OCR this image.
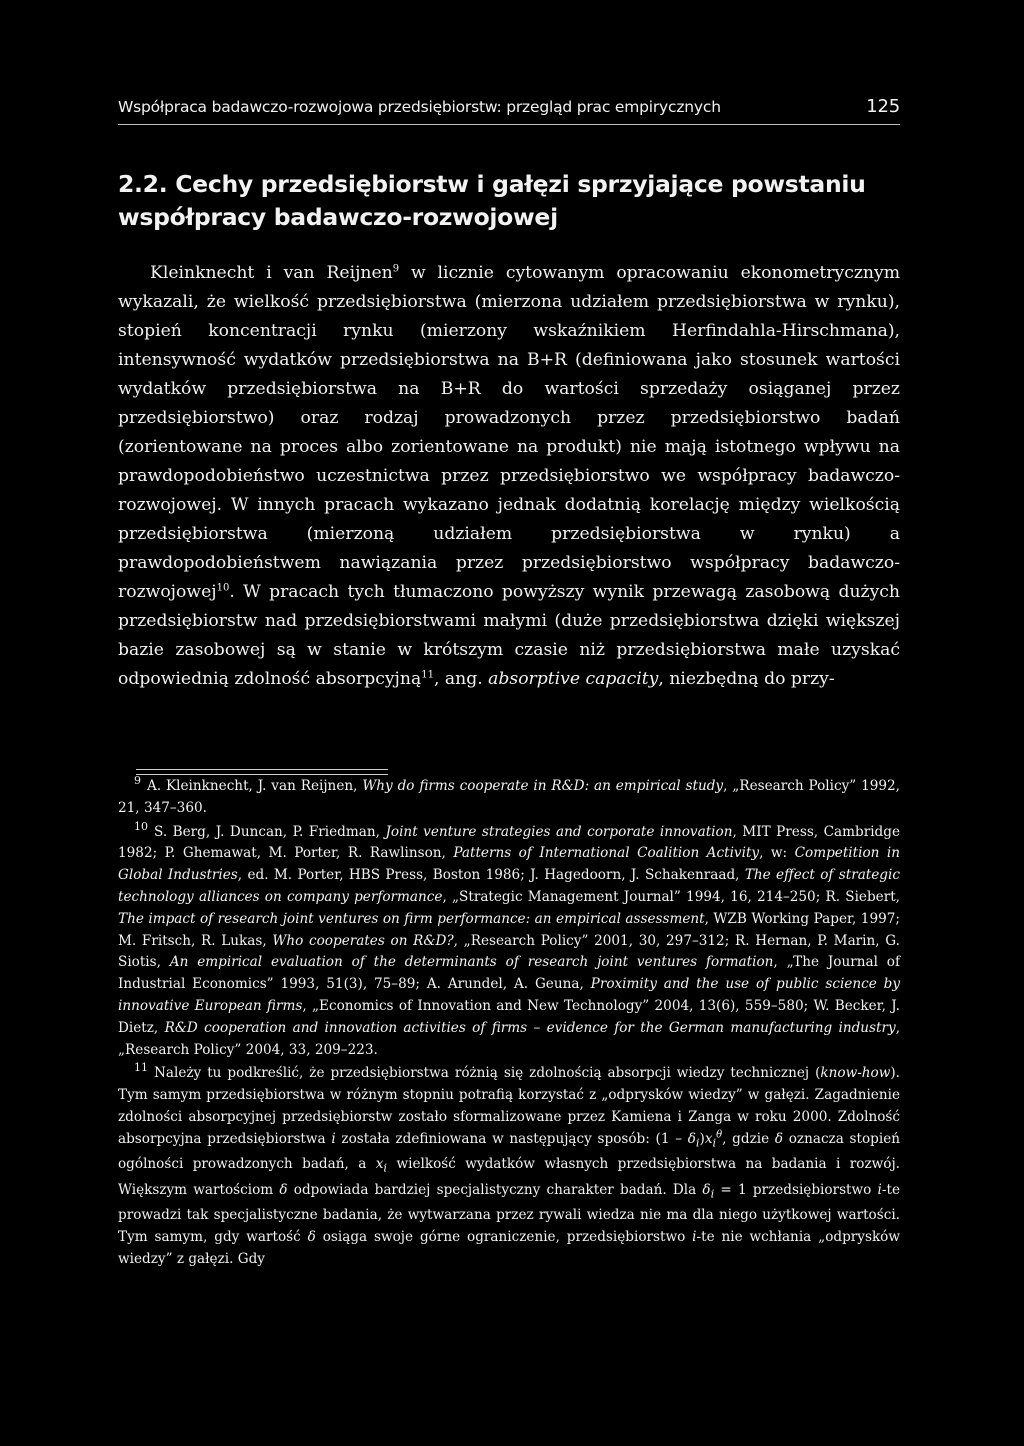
Współpraca badawczo-rozwojowa przedsiębiorstw: przegląd prac empirycznych	125
2.2. Cechy przedsiębiorstw i gałęzi sprzyjające powstaniu
współpracy badawczo-rozwojowej

Kleinknecht i van Reijnen$^9$ w licznie cytowanym opracowaniu ekonometrycznym wykazali, że wielkość przedsiębiorstwa (mierzona udziałem przedsiębiorstwa w rynku), stopień koncentracji rynku (mierzony wskaźnikiem Herfindahla-Hirschmana), intensywność wydatków przedsiębiorstwa na B+R (definiowana jako stosunek wartości wydatków przedsiębiorstwa na B+R do wartości sprzedaży osiąganej przez przedsiębiorstwo) oraz rodzaj prowadzonych przez przedsiębiorstwo badań (zorientowane na proces albo zorientowane na produkt) nie mają istotnego wpływu na prawdopodobieństwo uczestnictwa przez przedsiębiorstwo we współpracy badawczo-rozwojowej. W innych pracach wykazano jednak dodatnią korelację między wielkością przedsiębiorstwa (mierzoną udziałem przedsiębiorstwa w rynku) a prawdopodobieństwem nawiązania przez przedsiębiorstwo współpracy badawczo-rozwojowej$^{10}$. W pracach tych tłumaczono powyższy wynik przewagą zasobową dużych przedsiębiorstw nad przedsiębiorstwami małymi (duże przedsiębiorstwa dzięki większej bazie zasobowej są w stanie w krótszym czasie niż przedsiębiorstwa małe uzyskać odpowiednią zdolność absorpcyjną$^{11}$, ang. absorptive capacity, niezbędną do przy-

$^9$ A. Kleinknecht, J. van Reijnen, Why do firms cooperate in R&D: an empirical study, „Research Policy” 1992, 21, 347–360.

$^{10}$ S. Berg, J. Duncan, P. Friedman, Joint venture strategies and corporate innovation, MIT Press, Cambridge 1982; P. Ghemawat, M. Porter, R. Rawlinson, Patterns of International Coalition Activity, w: Competition in Global Industries, ed. M. Porter, HBS Press, Boston 1986; J. Hagedoorn, J. Schakenraad, The effect of strategic technology alliances on company performance, „Strategic Management Journal” 1994, 16, 214–250; R. Siebert, The impact of research joint ventures on firm performance: an empirical assessment, WZB Working Paper, 1997; M. Fritsch, R. Lukas, Who cooperates on R&D?, „Research Policy” 2001, 30, 297–312; R. Hernan, P. Marin, G. Siotis, An empirical evaluation of the determinants of research joint ventures formation, „The Journal of Industrial Economics” 1993, 51(3), 75–89; A. Arundel, A. Geuna, Proximity and the use of public science by innovative European firms, „Economics of Innovation and New Technology” 2004, 13(6), 559–580; W. Becker, J. Dietz, R&D cooperation and innovation activities of firms – evidence for the German manufacturing industry, „Research Policy” 2004, 33, 209–223.

$^{11}$ Należy tu podkreślić, że przedsiębiorstwa różnią się zdolnością absorpcji wiedzy technicznej (know-how). Tym samym przedsiębiorstwa w różnym stopniu potrafią korzystać z „odprysków wiedzy” w gałęzi. Zagadnienie zdolności absorpcyjnej przedsiębiorstw zostało sformalizowane przez Kamiena i Zanga w roku 2000. Zdolność absorpcyjna przedsiębiorstwa i została zdefiniowana w następujący sposób: $(1 - \delta_i)x_i^\theta$, gdzie δ oznacza stopień ogólności prowadzonych badań, a $x_i$ wielkość wydatków własnych przedsiębiorstwa na badania i rozwój. Większym wartościom δ odpowiada bardziej specjalistyczny charakter badań. Dla $\delta_i = 1$ przedsiębiorstwo i-te prowadzi tak specjalistyczne badania, że wytwarzana przez rywali wiedza nie ma dla niego użytkowej wartości. Tym samym, gdy wartość δ osiąga swoje górne ograniczenie, przedsiębiorstwo i-te nie wchłania „odprysków wiedzy” z gałęzi. Gdy
